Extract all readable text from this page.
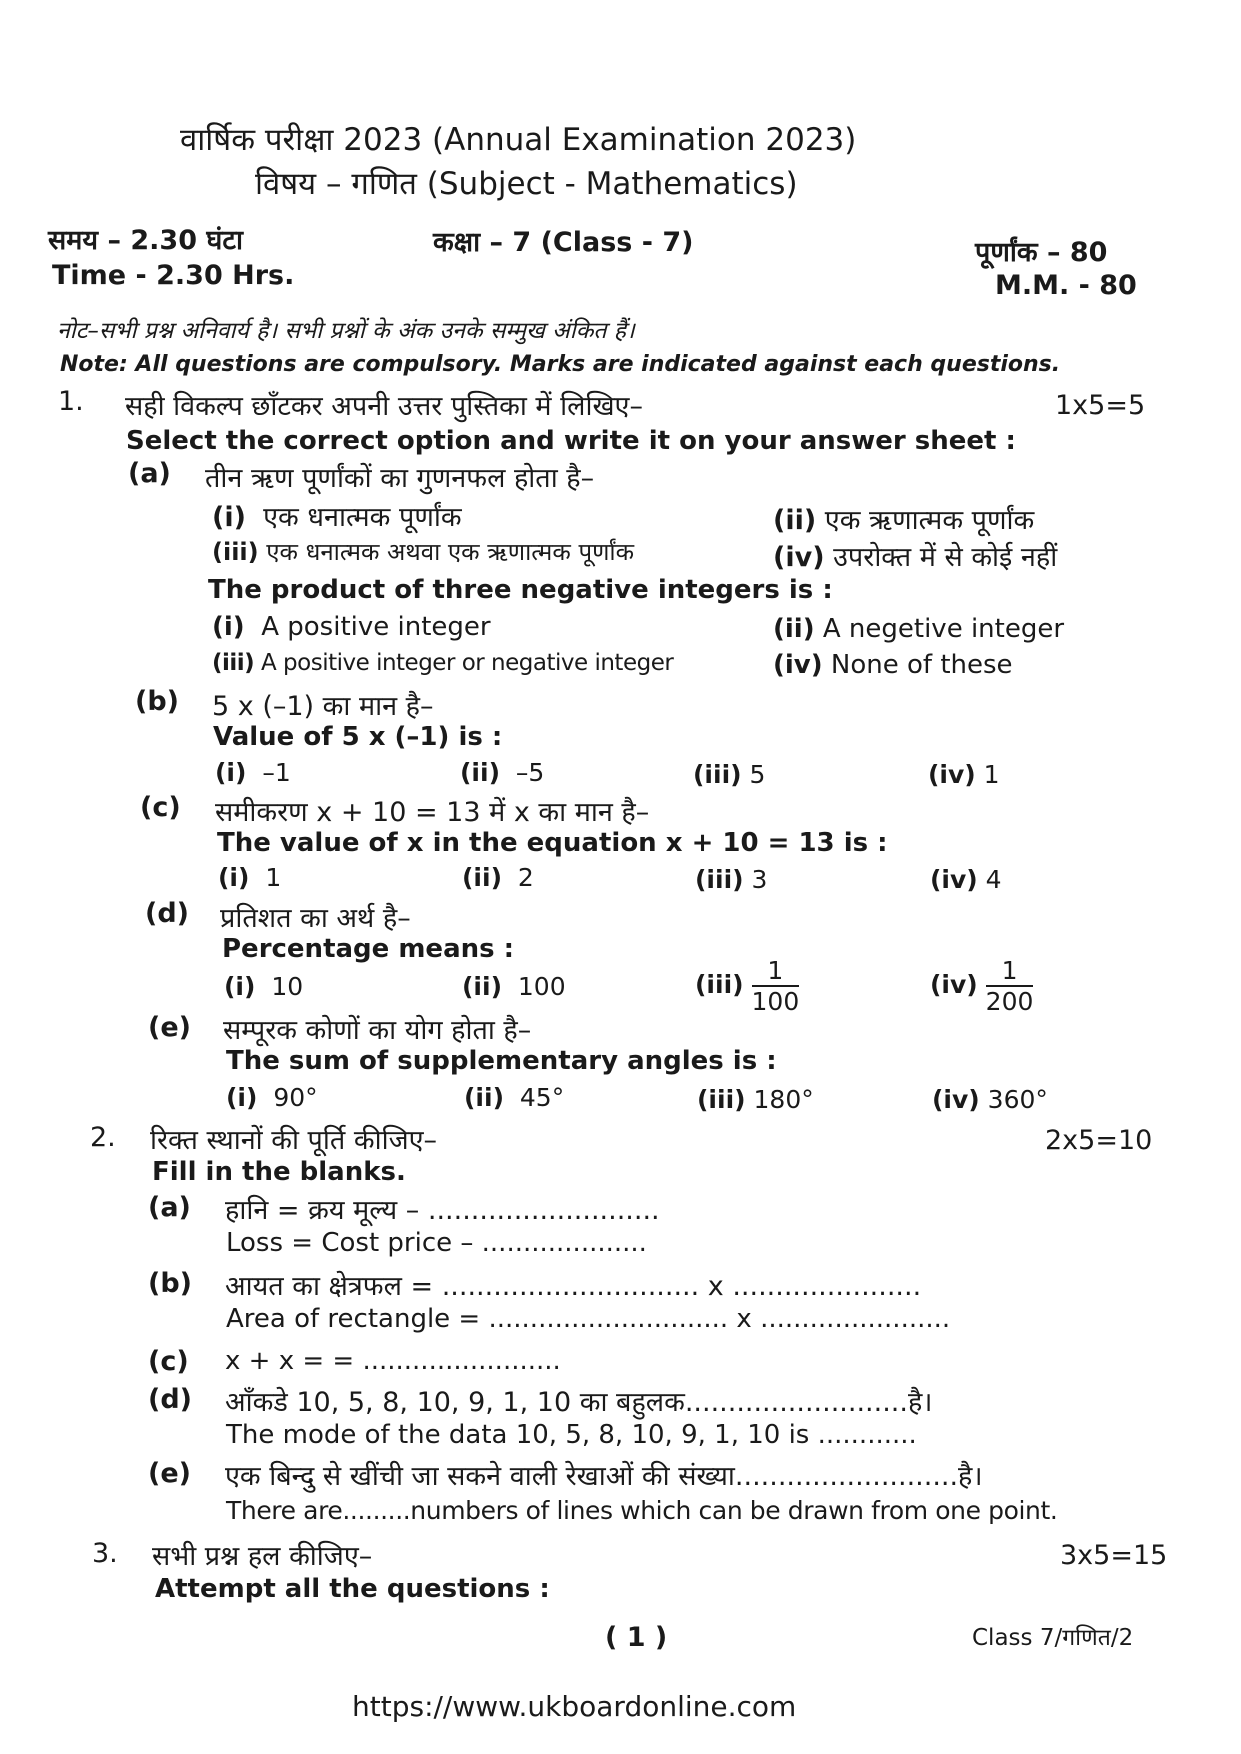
वार्षिक परीक्षा 2023 (Annual Examination 2023)
विषय – गणित (Subject - Mathematics)
समय – 2.30 घंटा	कक्षा – 7 (Class - 7)	पूर्णांक – 80
Time - 2.30 Hrs.	M.M. - 80
नोट–सभी प्रश्न अनिवार्य है। सभी प्रश्नों के अंक उनके सम्मुख अंकित हैं।
Note: All questions are compulsory. Marks are indicated against each questions.
1. सही विकल्प छाँटकर अपनी उत्तर पुस्तिका में लिखिए–	1x5=5
Select the correct option and write it on your answer sheet :
(a) तीन ऋण पूर्णांकों का गुणनफल होता है–
(i) एक धनात्मक पूर्णांक	(ii) एक ऋणात्मक पूर्णांक
(iii) एक धनात्मक अथवा एक ऋणात्मक पूर्णांक	(iv) उपरोक्त में से कोई नहीं
The product of three negative integers is :
(i) A positive integer	(ii) A negetive integer
(iii) A positive integer or negative integer	(iv) None of these
(b) 5 x (–1) का मान है–
Value of 5 x (–1) is :
(i) –1	(ii) –5	(iii) 5	(iv) 1
(c) समीकरण x + 10 = 13 में x का मान है–
The value of x in the equation x + 10 = 13 is :
(i) 1	(ii) 2	(iii) 3	(iv) 4
(d) प्रतिशत का अर्थ है–
Percentage means :
(i) 10	(ii) 100	$(iii) \frac{1}{100}$	$(iv) \frac{1}{200}$
(e) सम्पूरक कोणों का योग होता है–
The sum of supplementary angles is :
(i) 90°	(ii) 45°	(iii) 180°	(iv) 360°
2. रिक्त स्थानों की पूर्ति कीजिए–	2x5=10
Fill in the blanks.
(a) हानि = क्रय मूल्य – ...........................
Loss = Cost price – ....................
(b) आयत का क्षेत्रफल = .............................. x ......................
Area of rectangle = ............................. x .......................
(c) x + x = = ........................
(d) आँकडे 10, 5, 8, 10, 9, 1, 10 का बहुलक..........................है।
The mode of the data 10, 5, 8, 10, 9, 1, 10 is ............
(e) एक बिन्दु से खींची जा सकने वाली रेखाओं की संख्या..........................है।
There are.........numbers of lines which can be drawn from one point.
3. सभी प्रश्न हल कीजिए–	3x5=15
Attempt all the questions :
( 1 )	Class 7/गणित/2
https://www.ukboardonline.com
